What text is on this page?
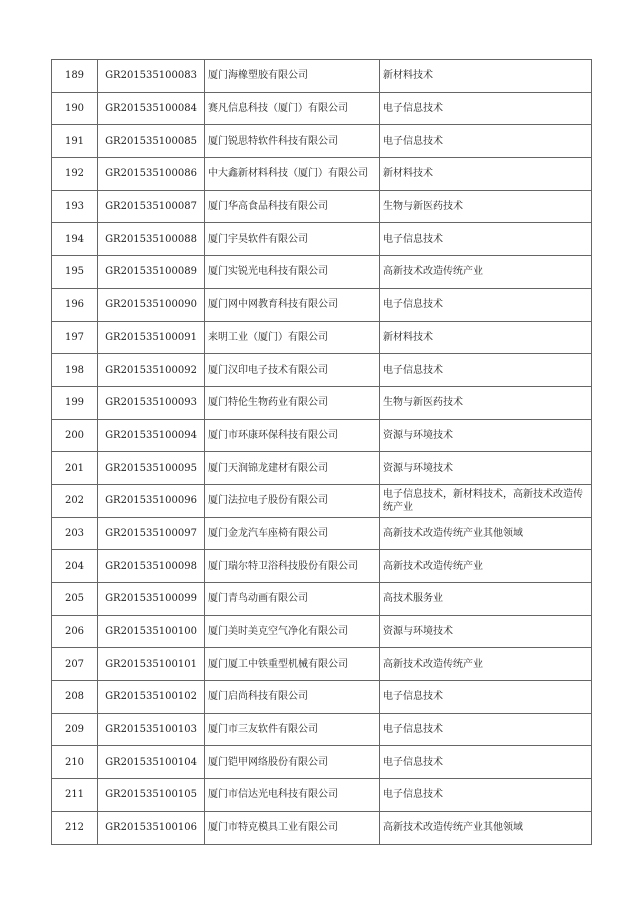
189	GR201535100083	厦门海橡塑胶有限公司	新材料技术
190	GR201535100084	赛凡信息科技（厦门）有限公司	电子信息技术
191	GR201535100085	厦门锐思特软件科技有限公司	电子信息技术
192	GR201535100086	中大鑫新材料科技（厦门）有限公司	新材料技术
193	GR201535100087	厦门华高食品科技有限公司	生物与新医药技术
194	GR201535100088	厦门宇昊软件有限公司	电子信息技术
195	GR201535100089	厦门实锐光电科技有限公司	高新技术改造传统产业
196	GR201535100090	厦门网中网教育科技有限公司	电子信息技术
197	GR201535100091	来明工业（厦门）有限公司	新材料技术
198	GR201535100092	厦门汉印电子技术有限公司	电子信息技术
199	GR201535100093	厦门特伦生物药业有限公司	生物与新医药技术
200	GR201535100094	厦门市环康环保科技有限公司	资源与环境技术
201	GR201535100095	厦门天润锦龙建材有限公司	资源与环境技术
202	GR201535100096	厦门法拉电子股份有限公司	电子信息技术，新材料技术，高新技术改造传统产业
203	GR201535100097	厦门金龙汽车座椅有限公司	高新技术改造传统产业其他领域
204	GR201535100098	厦门瑞尔特卫浴科技股份有限公司	高新技术改造传统产业
205	GR201535100099	厦门青鸟动画有限公司	高技术服务业
206	GR201535100100	厦门美时美克空气净化有限公司	资源与环境技术
207	GR201535100101	厦门厦工中铁重型机械有限公司	高新技术改造传统产业
208	GR201535100102	厦门启尚科技有限公司	电子信息技术
209	GR201535100103	厦门市三友软件有限公司	电子信息技术
210	GR201535100104	厦门铠甲网络股份有限公司	电子信息技术
211	GR201535100105	厦门市信达光电科技有限公司	电子信息技术
212	GR201535100106	厦门市特克模具工业有限公司	高新技术改造传统产业其他领域
